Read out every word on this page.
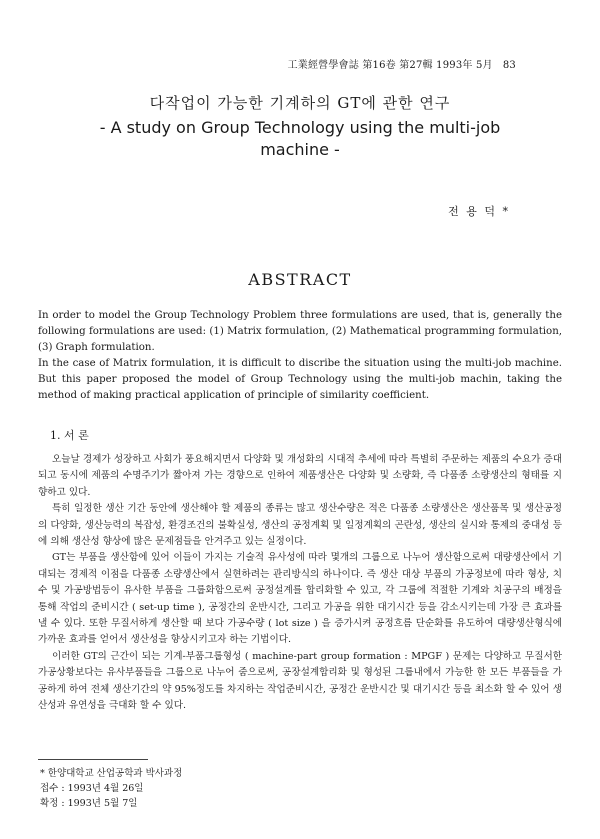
工業經營學會誌 第16卷 第27輯 1993年 5月 83
다작업이 가능한 기계하의 GT에 관한 연구
- A study on Group Technology using the multi-job
machine -
전 용 덕 *
ABSTRACT

In order to model the Group Technology Problem three formulations are used, that is, generally the following formulations are used: (1) Matrix formulation, (2) Mathematical programming formulation, (3) Graph formulation.

In the case of Matrix formulation, it is difficult to discribe the situation using the multi-job machine. But this paper proposed the model of Group Technology using the multi-job machin, taking the method of making practical application of principle of similarity coefficient.

1. 서 론

오늘날 경제가 성장하고 사회가 풍요해지면서 다양화 및 개성화의 시대적 추세에 따라 특별히 주문하는 제품의 수요가 증대되고 동시에 제품의 수명주기가 짧아져 가는 경향으로 인하여 제품생산은 다양화 및 소량화, 즉 다품종 소량생산의 형태를 지향하고 있다.

특히 일정한 생산 기간 동안에 생산해야 할 제품의 종류는 많고 생산수량은 적은 다품종 소량생산은 생산품목 및 생산공정의 다양화, 생산능력의 복잡성, 환경조건의 불확실성, 생산의 공정계획 및 일정계획의 곤란성, 생산의 실시와 통제의 중대성 등에 의해 생산성 향상에 많은 문제점들을 안겨주고 있는 실정이다.

GT는 부품을 생산함에 있어 이들이 가지는 기술적 유사성에 따라 몇개의 그룹으로 나누어 생산함으로써 대량생산에서 기대되는 경제적 이점을 다품종 소량생산에서 실현하려는 관리방식의 하나이다. 즉 생산 대상 부품의 가공정보에 따라 형상, 치수 및 가공방법등이 유사한 부품을 그룹화함으로써 공정설계를 합리화할 수 있고, 각 그룹에 적절한 기계와 치공구의 배정을 통해 작업의 준비시간 ( set-up time ), 공정간의 운반시간, 그리고 가공을 위한 대기시간 등을 감소시키는데 가장 큰 효과를 낼 수 있다. 또한 무질서하게 생산할 때 보다 가공수량 ( lot size ) 을 증가시켜 공정흐름 단순화를 유도하여 대량생산형식에 가까운 효과를 얻어서 생산성을 향상시키고자 하는 기법이다.

이러한 GT의 근간이 되는 기계-부품그룹형성 ( machine-part group formation : MPGF ) 문제는 다양하고 무질서한 가공상황보다는 유사부품들을 그룹으로 나누어 줌으로써, 공장설계합리화 및 형성된 그룹내에서 가능한 한 모든 부품들을 가공하게 하여 전체 생산기간의 약 95%정도를 차지하는 작업준비시간, 공정간 운반시간 및 대기시간 등을 최소화 할 수 있어 생산성과 유연성을 극대화 할 수 있다.

* 한양대학교 산업공학과 박사과정
접수 : 1993년 4월 26일
확정 : 1993년 5월 7일
